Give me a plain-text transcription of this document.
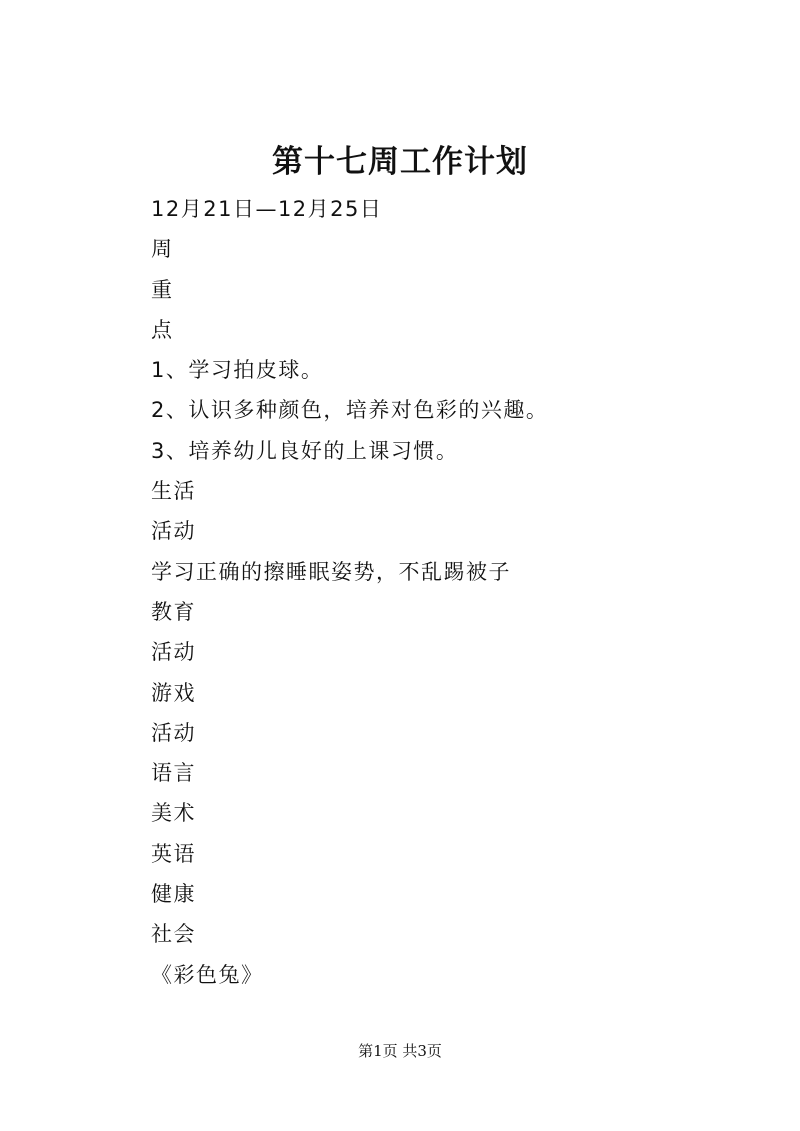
第十七周工作计划
12月21日—12月25日
周
重
点
1、学习拍皮球。
2、认识多种颜色，培养对色彩的兴趣。
3、培养幼儿良好的上课习惯。
生活
活动
学习正确的擦睡眠姿势，不乱踢被子
教育
活动
游戏
活动
语言
美术
英语
健康
社会
《彩色兔》

第1页 共3页
